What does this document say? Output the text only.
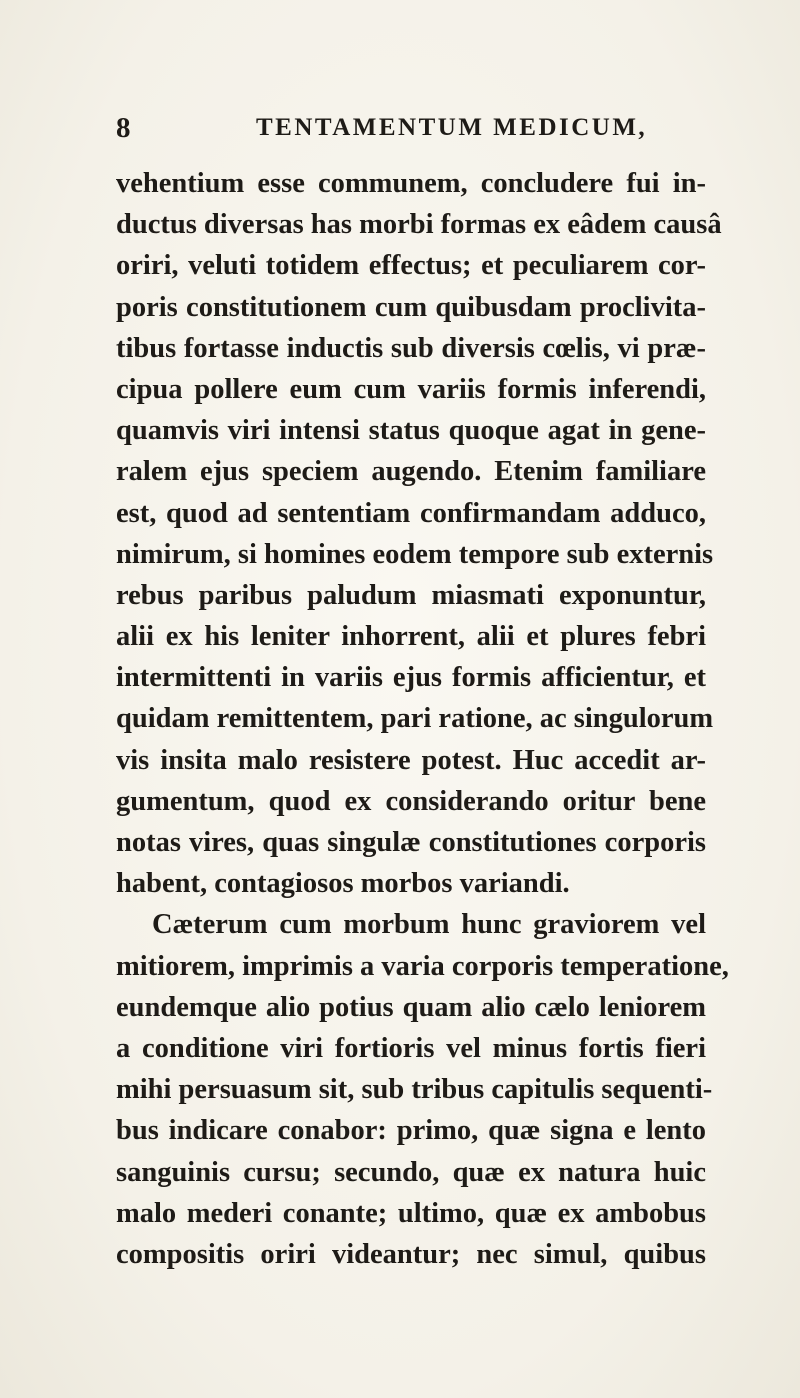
8	TENTAMENTUM MEDICUM,
vehentium esse communem, concludere fui in-
ductus diversas has morbi formas ex eâdem causâ
oriri, veluti totidem effectus; et peculiarem cor-
poris constitutionem cum quibusdam proclivita-
tibus fortasse inductis sub diversis cœlis, vi præ-
cipua pollere eum cum variis formis inferendi,
quamvis viri intensi status quoque agat in gene-
ralem ejus speciem augendo. Etenim familiare
est, quod ad sententiam confirmandam adduco,
nimirum, si homines eodem tempore sub externis
rebus paribus paludum miasmati exponuntur,
alii ex his leniter inhorrent, alii et plures febri
intermittenti in variis ejus formis afficientur, et
quidam remittentem, pari ratione, ac singulorum
vis insita malo resistere potest. Huc accedit ar-
gumentum, quod ex considerando oritur bene
notas vires, quas singulæ constitutiones corporis
habent, contagiosos morbos variandi.
Cæterum cum morbum hunc graviorem vel
mitiorem, imprimis a varia corporis temperatione,
eundemque alio potius quam alio cælo leniorem
a conditione viri fortioris vel minus fortis fieri
mihi persuasum sit, sub tribus capitulis sequenti-
bus indicare conabor: primo, quæ signa e lento
sanguinis cursu; secundo, quæ ex natura huic
malo mederi conante; ultimo, quæ ex ambobus
compositis oriri videantur; nec simul, quibus
